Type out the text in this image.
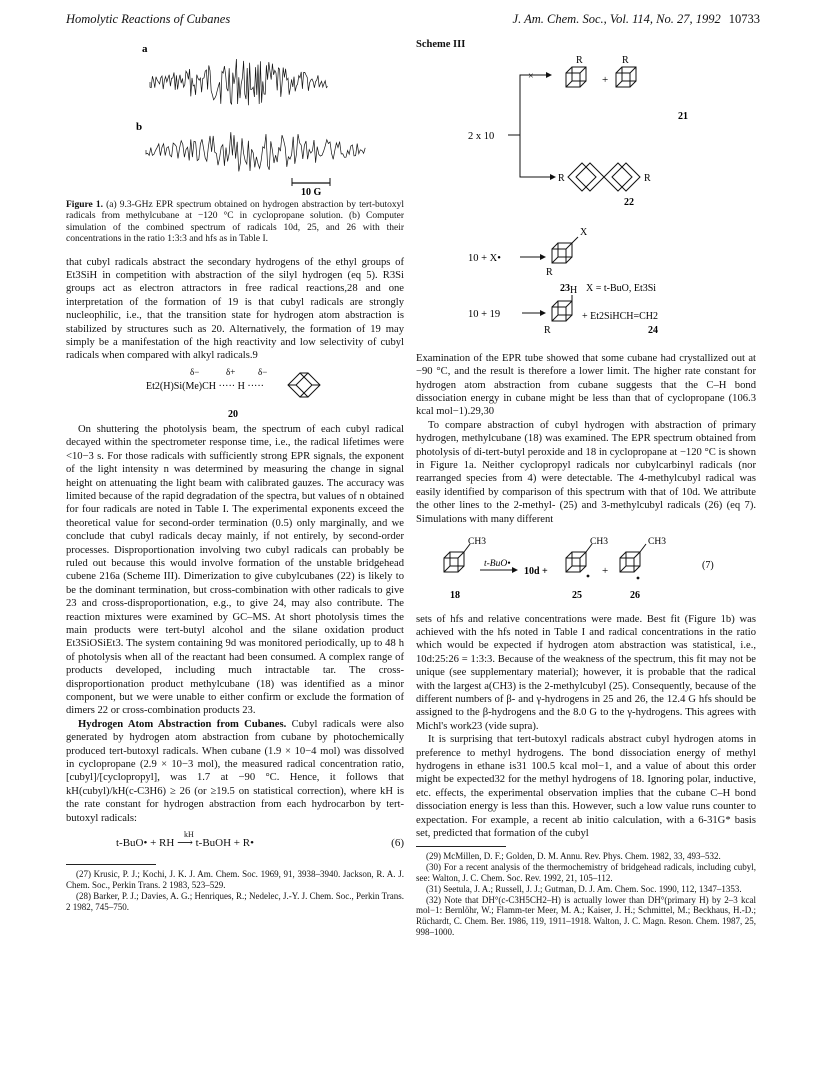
Homolytic Reactions of Cubanes	J. Am. Chem. Soc., Vol. 114, No. 27, 1992 10733
a
b
10 G
Figure 1. (a) 9.3-GHz EPR spectrum obtained on hydrogen abstraction by tert-butoxyl radicals from methylcubane at −120 °C in cyclopropane solution. (b) Computer simulation of the combined spectrum of radicals 10d, 25, and 26 with their concentrations in the ratio 1:3:3 and hfs as in Table I.

that cubyl radicals abstract the secondary hydrogens of the ethyl groups of Et3SiH in competition with abstraction of the silyl hydrogen (eq 5). R3Si groups act as electron attractors in free radical reactions,28 and one interpretation of the formation of 19 is that cubyl radicals are strongly nucleophilic, i.e., that the transition state for hydrogen atom abstraction is stabilized by structures such as 20. Alternatively, the formation of 19 may simply be a manifestation of the high reactivity and low selectivity of cubyl radicals when compared with alkyl radicals.9

δ−	δ+	δ−
Et2(H)Si(Me)CH ····· H ·····
20

On shuttering the photolysis beam, the spectrum of each cubyl radical decayed within the spectrometer response time, i.e., the radical lifetimes were <10−3 s. For those radicals with sufficiently strong EPR signals, the exponent of the light intensity n was determined by measuring the change in signal height on attenuating the light beam with calibrated gauzes. The accuracy was limited because of the rapid degradation of the spectra, but values of n obtained for four radicals are noted in Table I. The experimental exponents exceed the theoretical value for second-order termination (0.5) only marginally, and we conclude that cubyl radicals decay mainly, if not entirely, by second-order processes. Disproportionation involving two cubyl radicals can probably be ruled out because this would involve formation of the unstable bridgehead cubene 216a (Scheme III). Dimerization to give cubylcubanes (22) is likely to be the dominant termination, but cross-combination with other radicals to give 23 and cross-disproportionation, e.g., to give 24, may also contribute. The reaction mixtures were examined by GC–MS. At short photolysis times the main products were tert-butyl alcohol and the silane oxidation product Et3SiOSiEt3. The system containing 9d was monitored periodically, up to 48 h of photolysis when all of the reactant had been consumed. A complex range of products developed, including much intractable tar. The cross-disproportionation product methylcubane (18) was identified as a minor component, but we were unable to either confirm or exclude the formation of dimers 22 or cross-combination products 23.

Hydrogen Atom Abstraction from Cubanes. Cubyl radicals were also generated by hydrogen atom abstraction from cubane by photochemically produced tert-butoxyl radicals. When cubane (1.9 × 10−4 mol) was dissolved in cyclopropane (2.9 × 10−3 mol), the measured radical concentration ratio, [cubyl]/[cyclopropyl], was 1.7 at −90 °C. Hence, it follows that kH(cubyl)/kH(c-C3H6) ≥ 26 (or ≥19.5 on statistical correction), where kH is the rate constant for hydrogen abstraction from each hydrocarbon by tert-butoxyl radicals:

kH
t-BuO• + RH ⟶ t-BuOH + R•	(6)
(27) Krusic, P. J.; Kochi, J. K. J. Am. Chem. Soc. 1969, 91, 3938–3940. Jackson, R. A. J. Chem. Soc., Perkin Trans. 2 1983, 523–529.
(28) Barker, P. J.; Davies, A. G.; Henriques, R.; Nedelec, J.-Y. J. Chem. Soc., Perkin Trans. 2 1982, 745–750.
Scheme III
2 x 10
×
R
+
R
21
R	R
22
10 + X•
X
R
23 X = t-BuO, Et3Si
10 + 19
H
R
+ Et2SiHCH=CH2
24

Examination of the EPR tube showed that some cubane had crystallized out at −90 °C, and the result is therefore a lower limit. The higher rate constant for hydrogen atom abstraction from cubane suggests that the C–H bond dissociation energy in cubane might be less than that of cyclopropane (106.3 kcal mol−1).29,30

To compare abstraction of cubyl hydrogen with abstraction of primary hydrogen, methylcubane (18) was examined. The EPR spectrum obtained from photolysis of di-tert-butyl peroxide and 18 in cyclopropane at −120 °C is shown in Figure 1a. Neither cyclopropyl radicals nor cubylcarbinyl radicals (nor rearranged species from 4) were detectable. The 4-methylcubyl radical was easily identified by comparison of this spectrum with that of 10d. We attribute the other lines to the 2-methyl- (25) and 3-methylcubyl radicals (26) (eq 7). Simulations with many different

CH3
t-BuO•
10d +
CH3
+
CH3
(7)
18	25	26

sets of hfs and relative concentrations were made. Best fit (Figure 1b) was achieved with the hfs noted in Table I and radical concentrations in the ratio which would be expected if hydrogen atom abstraction was statistical, i.e., 10d:25:26 = 1:3:3. Because of the weakness of the spectrum, this fit may not be unique (see supplementary material); however, it is probable that the radical with the largest a(CH3) is the 2-methylcubyl (25). Consequently, because of the different numbers of β- and γ-hydrogens in 25 and 26, the 12.4 G hfs should be assigned to the β-hydrogens and the 8.0 G to the γ-hydrogens. This agrees with Michl's work23 (vide supra).

It is surprising that tert-butoxyl radicals abstract cubyl hydrogen atoms in preference to methyl hydrogens. The bond dissociation energy of methyl hydrogens in ethane is31 100.5 kcal mol−1, and a value of about this order might be expected32 for the methyl hydrogens of 18. Ignoring polar, inductive, etc. effects, the experimental observation implies that the cubane C–H bond dissociation energy is less than this. However, such a low value runs counter to expectation. For example, a recent ab initio calculation, with a 6-31G* basis set, predicted that formation of the cubyl

(29) McMillen, D. F.; Golden, D. M. Annu. Rev. Phys. Chem. 1982, 33, 493–532.
(30) For a recent analysis of the thermochemistry of bridgehead radicals, including cubyl, see: Walton, J. C. Chem. Soc. Rev. 1992, 21, 105–112.
(31) Seetula, J. A.; Russell, J. J.; Gutman, D. J. Am. Chem. Soc. 1990, 112, 1347–1353.
(32) Note that DH°(c-C3H5CH2–H) is actually lower than DH°(primary H) by 2–3 kcal mol−1: Bernlöhr, W.; Flamm-ter Meer, M. A.; Kaiser, J. H.; Schmittel, M.; Beckhaus, H.-D.; Rüchardt, C. Chem. Ber. 1986, 119, 1911–1918. Walton, J. C. Magn. Reson. Chem. 1987, 25, 998–1000.
